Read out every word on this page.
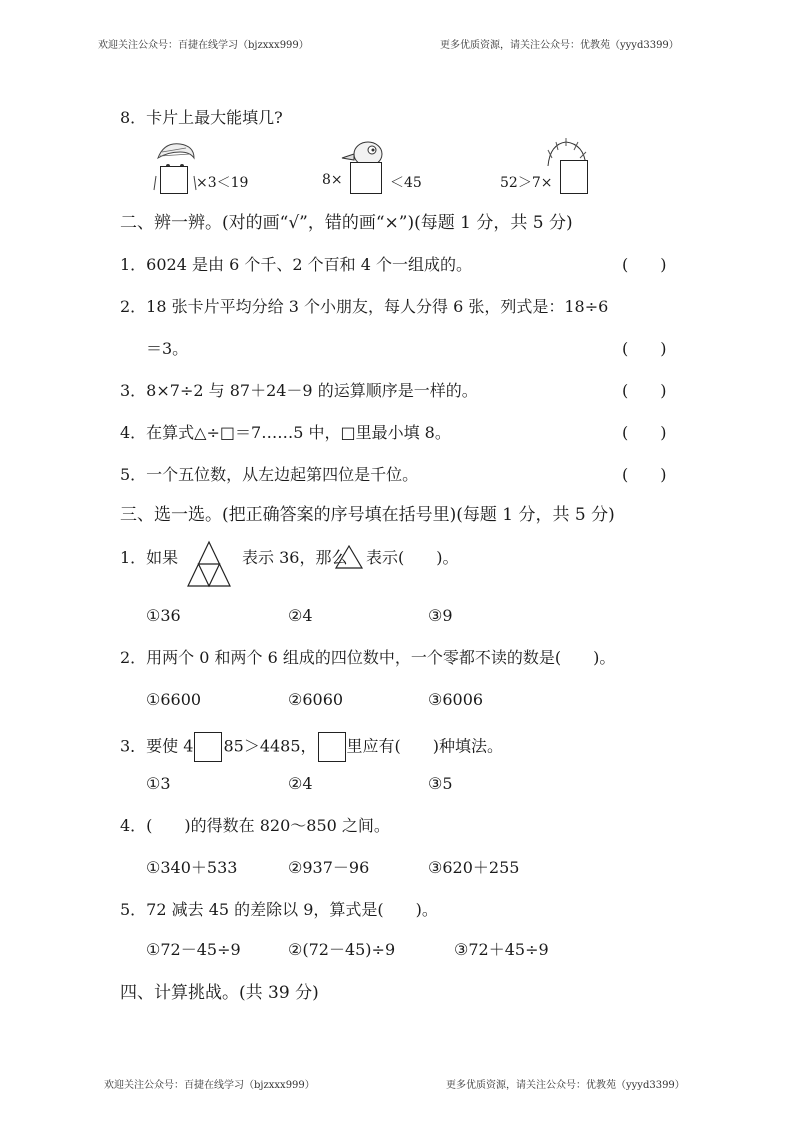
欢迎关注公众号：百捷在线学习（bjzxxx999）	更多优质资源，请关注公众号：优教苑（yyyd3399）
8．卡片上最大能填几?
×3＜19	8×	＜45	52＞7×
二、辨一辨。(对的画“√”，错的画“×”)(每题 1 分，共 5 分)
1．6024 是由 6 个千、2 个百和 4 个一组成的。	(　　)
2．18 张卡片平均分给 3 个小朋友，每人分得 6 张，列式是：18÷6
＝3。	(　　)
3．8×7÷2 与 87＋24－9 的运算顺序是一样的。	(　　)
4．在算式△÷□＝7……5 中，□里最小填 8。	(　　)
5．一个五位数，从左边起第四位是千位。	(　　)
三、选一选。(把正确答案的序号填在括号里)(每题 1 分，共 5 分)
1．如果	表示 36，那么 表示(　　)。
①36	②4	③9
2．用两个 0 和两个 6 组成的四位数中，一个零都不读的数是(　　)。
①6600	②6060	③6006
3．要使 4 85＞4485， 里应有(　　)种填法。
①3	②4	③5
4．(　　)的得数在 820～850 之间。
①340＋533	②937－96	③620＋255
5．72 减去 45 的差除以 9，算式是(　　)。
①72－45÷9	②(72－45)÷9	③72＋45÷9
四、计算挑战。(共 39 分)
欢迎关注公众号：百捷在线学习（bjzxxx999）	更多优质资源，请关注公众号：优教苑（yyyd3399）
